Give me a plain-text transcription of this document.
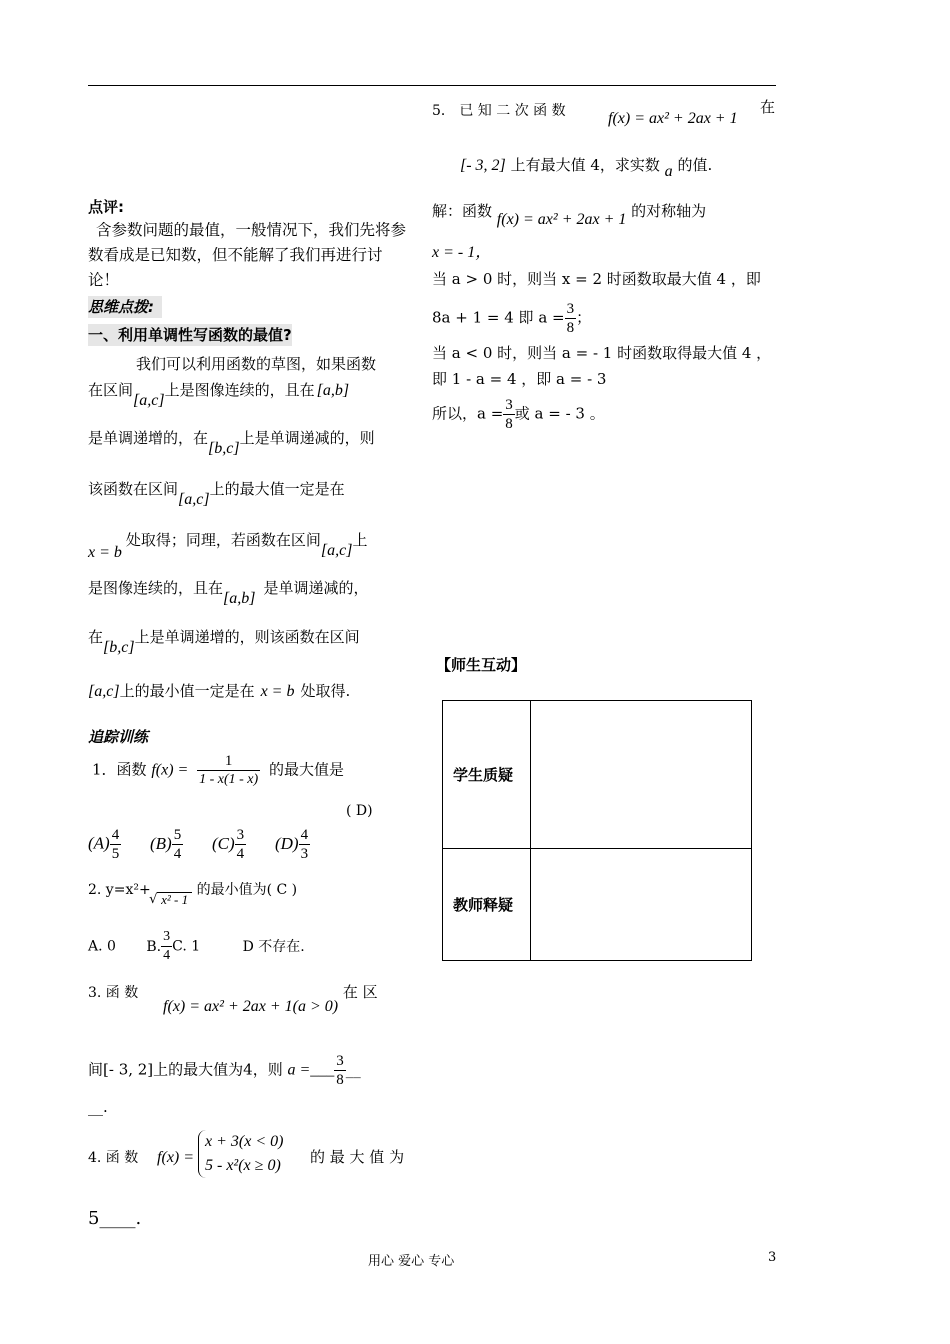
点评:
含参数问题的最值，一般情况下，我们先将参数看成是已知数，但不能解了我们再进行讨论！
思维点拨:
一、利用单调性写函数的最值?
我们可以利用函数的草图，如果函数
在区间[a,c]上是图像连续的，且在 [a,b]
是单调递增的，在[b,c]上是单调递减的，则
该函数在区间[a,c]上的最大值一定是在
x = b处取得；同理，若函数在区间[a,c]上
是图像连续的，且在[a,b]是单调递减的，
在[b,c]上是单调递增的，则该函数在区间
[a,c]上的最小值一定是在 x = b 处取得.
追踪训练
1．函数 $f(x) = \frac{1}{1 - x(1 - x)}$ 的最大值是
( D)
$(A) \frac{4}{5} (B) \frac{5}{4} (C) \frac{3}{4} (D) \frac{4}{3}$
2. y=x²+
√ x² - 1 的最小值为( C )
A. 0 B. $\frac{3}{4} C$. 1	D 不存在.
3. 函 数 f(x) = ax² + 2ax + 1(a > 0) 在 区
间[- 3, 2]上的最大值为4，则 a =___ $\frac{3}{8}$ __
__.
4. 函 数 f(x) =
x + 3(x < 0)
5 - x²(x ≥ 0) 的 最 大 值 为
5____.
5． 已 知 二 次 函 数	f(x) = ax² + 2ax + 1
在
[- 3, 2] 上有最大值 4，求实数 a 的值.
解：函数 f(x) = ax² + 2ax + 1 的对称轴为
x = - 1，
当 a > 0 时，则当 x = 2 时函数取最大值 4 ，即
8a + 1 = 4 即 $a = \frac{3}{8}$ ；
当 a < 0 时，则当 a = - 1 时函数取得最大值 4 ，
即 1 - a = 4 ，即 a = - 3
所以，$a = \frac{3}{8}$ 或 a = - 3 。
【师生互动】
学生质疑	
教师释疑	
用心 爱心 专心	3
